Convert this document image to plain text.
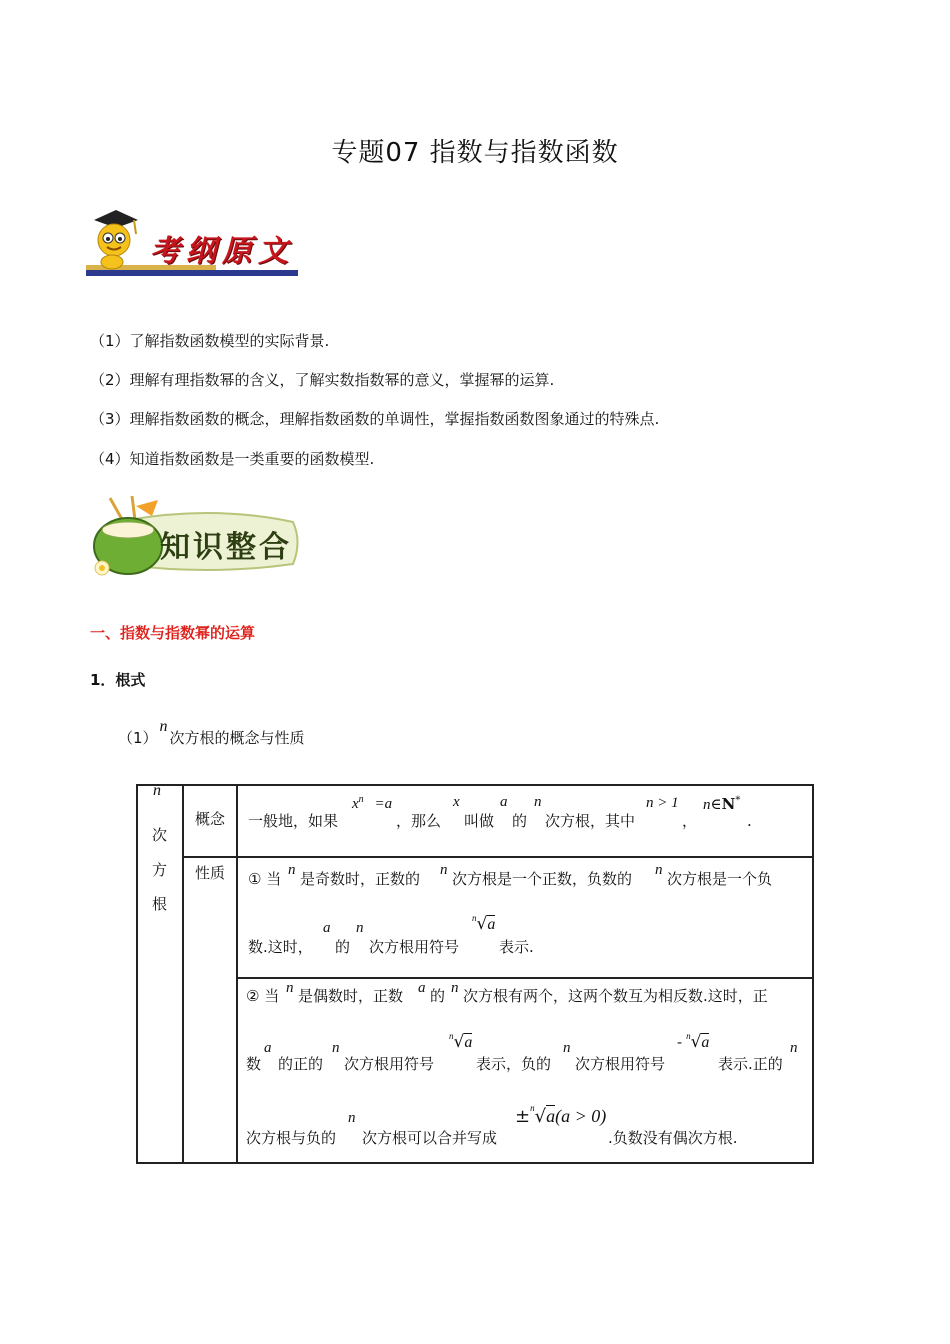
专题07 指数与指数函数
考纲原文
（1）了解指数函数模型的实际背景.
（2）理解有理指数幂的含义，了解实数指数幂的意义，掌握幂的运算.
（3）理解指数函数的概念，理解指数函数的单调性，掌握指数函数图象通过的特殊点.
（4）知道指数函数是一类重要的函数模型.
知识整合
一、指数与指数幂的运算
1．根式
（1）n次方根的概念与性质
n
次
方
根
概念
性质
一般地，如果
$x^n =a$
，那么
x
叫做
a
的
n
次方根，其中
n > 1
，
n∈N*
.
① 当 n 是奇数时，正数的 n 次方根是一个正数，负数的 n 次方根是一个负
数.这时，
a
的
n
次方根用符号
$^n$√a
表示.
② 当 n 是偶数时，正数 a 的 n 次方根有两个，这两个数互为相反数.这时，正
数
a
的正的
n
次方根用符号
$^n$√a
表示，负的
n
次方根用符号
- $^n$√a
表示.正的
n
次方根与负的
n
次方根可以合并写成
±$^n$√a(a > 0)
.负数没有偶次方根.
